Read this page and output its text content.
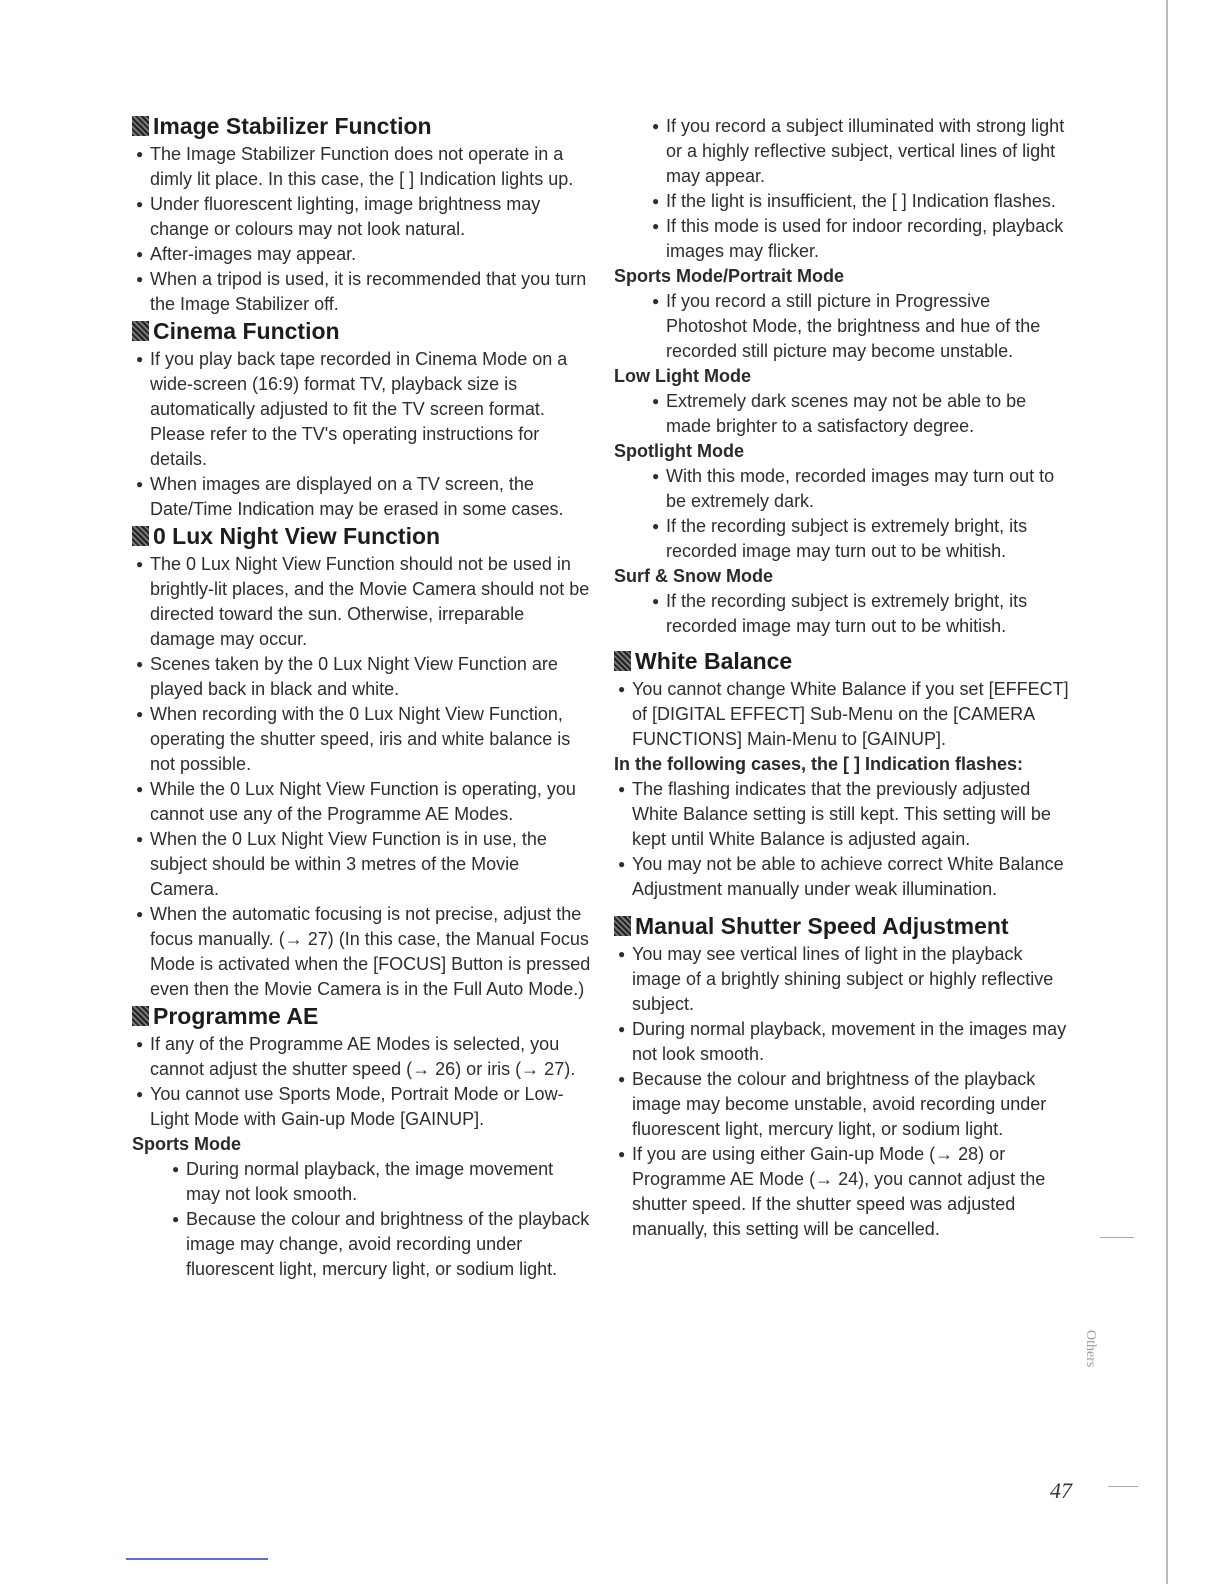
Image Stabilizer Function

● The Image Stabilizer Function does not operate in a dimly lit place. In this case, the [ ] Indication lights up.

● Under fluorescent lighting, image brightness may change or colours may not look natural.

● After-images may appear.

● When a tripod is used, it is recommended that you turn the Image Stabilizer off.

Cinema Function

● If you play back tape recorded in Cinema Mode on a wide-screen (16:9) format TV, playback size is automatically adjusted to fit the TV screen format. Please refer to the TV's operating instructions for details.

● When images are displayed on a TV screen, the Date/Time Indication may be erased in some cases.

0 Lux Night View Function

● The 0 Lux Night View Function should not be used in brightly-lit places, and the Movie Camera should not be directed toward the sun. Otherwise, irreparable damage may occur.

● Scenes taken by the 0 Lux Night View Function are played back in black and white.

● When recording with the 0 Lux Night View Function, operating the shutter speed, iris and white balance is not possible.

● While the 0 Lux Night View Function is operating, you cannot use any of the Programme AE Modes.

● When the 0 Lux Night View Function is in use, the subject should be within 3 metres of the Movie Camera.

● When the automatic focusing is not precise, adjust the focus manually. (→ 27) (In this case, the Manual Focus Mode is activated when the [FOCUS] Button is pressed even then the Movie Camera is in the Full Auto Mode.)

Programme AE

● If any of the Programme AE Modes is selected, you cannot adjust the shutter speed (→ 26) or iris (→ 27).

● You cannot use Sports Mode, Portrait Mode or Low-Light Mode with Gain-up Mode [GAINUP].

Sports Mode

● During normal playback, the image movement may not look smooth.

● Because the colour and brightness of the playback image may change, avoid recording under fluorescent light, mercury light, or sodium light.

● If you record a subject illuminated with strong light or a highly reflective subject, vertical lines of light may appear.

● If the light is insufficient, the [ ] Indication flashes.

● If this mode is used for indoor recording, playback images may flicker.

Sports Mode/Portrait Mode

● If you record a still picture in Progressive Photoshot Mode, the brightness and hue of the recorded still picture may become unstable.

Low Light Mode

● Extremely dark scenes may not be able to be made brighter to a satisfactory degree.

Spotlight Mode

● With this mode, recorded images may turn out to be extremely dark.

● If the recording subject is extremely bright, its recorded image may turn out to be whitish.

Surf & Snow Mode

● If the recording subject is extremely bright, its recorded image may turn out to be whitish.

White Balance

● You cannot change White Balance if you set [EFFECT] of [DIGITAL EFFECT] Sub-Menu on the [CAMERA FUNCTIONS] Main-Menu to [GAINUP].

In the following cases, the [ ] Indication flashes:

● The flashing indicates that the previously adjusted White Balance setting is still kept. This setting will be kept until White Balance is adjusted again.

● You may not be able to achieve correct White Balance Adjustment manually under weak illumination.

Manual Shutter Speed Adjustment

● You may see vertical lines of light in the playback image of a brightly shining subject or highly reflective subject.

● During normal playback, movement in the images may not look smooth.

● Because the colour and brightness of the playback image may become unstable, avoid recording under fluorescent light, mercury light, or sodium light.

● If you are using either Gain-up Mode (→ 28) or Programme AE Mode (→ 24), you cannot adjust the shutter speed. If the shutter speed was adjusted manually, this setting will be cancelled.

Others
47
